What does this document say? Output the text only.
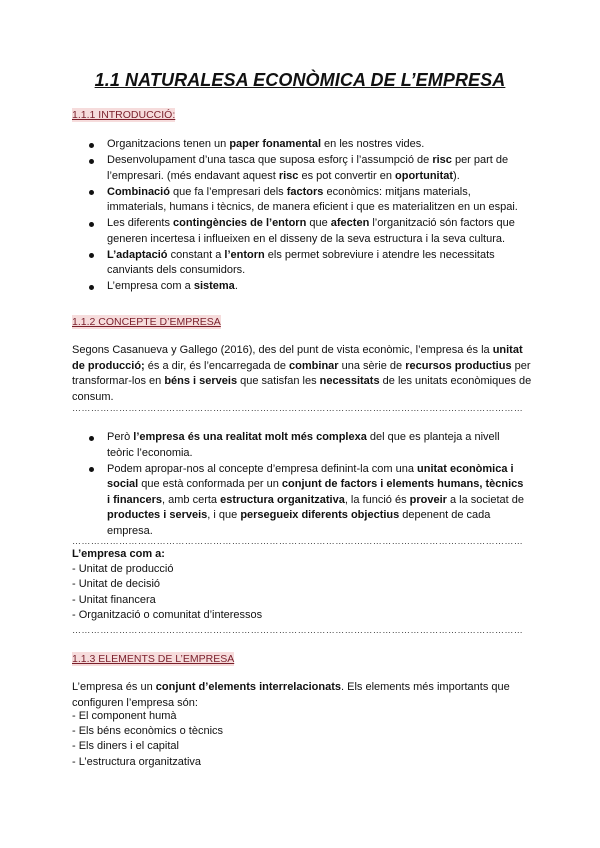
1.1 NATURALESA ECONÒMICA DE L’EMPRESA
1.1.1 INTRODUCCIÓ:
Organitzacions tenen un paper fonamental en les nostres vides.
Desenvolupament d’una tasca que suposa esforç i l’assumpció de risc per part de l’empresari. (més endavant aquest risc es pot convertir en oportunitat).
Combinació que fa l’empresari dels factors econòmics: mitjans materials, immaterials, humans i tècnics, de manera eficient i que es materialitzen en un espai.
Les diferents contingències de l’entorn que afecten l’organització són factors que generen incertesa i influeixen en el disseny de la seva estructura i la seva cultura.
L’adaptació constant a l’entorn els permet sobreviure i atendre les necessitats canviants dels consumidors.
L’empresa com a sistema.
1.1.2 CONCEPTE D’EMPRESA
Segons Casanueva y Gallego (2016), des del punt de vista econòmic, l’empresa és la unitat de producció; és a dir, és l’encarregada de combinar una sèrie de recursos productius per transformar-los en béns i serveis que satisfan les necessitats de les unitats econòmiques de consum.
………………………………………………………………………………………………………………………………
Però l’empresa és una realitat molt més complexa del que es planteja a nivell teòric l’economia.
Podem apropar-nos al concepte d’empresa definint-la com una unitat econòmica i social que està conformada per un conjunt de factors i elements humans, tècnics i financers, amb certa estructura organitzativa, la funció és proveir a la societat de productes i serveis, i que persegueix diferents objectius depenent de cada empresa.
………………………………………………………………………………………………………………………………
L’empresa com a:
- Unitat de producció
- Unitat de decisió
- Unitat financera
- Organització o comunitat d’interessos
………………………………………………………………………………………………………………………………
1.1.3 ELEMENTS DE L’EMPRESA
L’empresa és un conjunt d’elements interrelacionats. Els elements més importants que configuren l’empresa són:
- El component humà
- Els béns econòmics o tècnics
- Els diners i el capital
- L’estructura organitzativa
